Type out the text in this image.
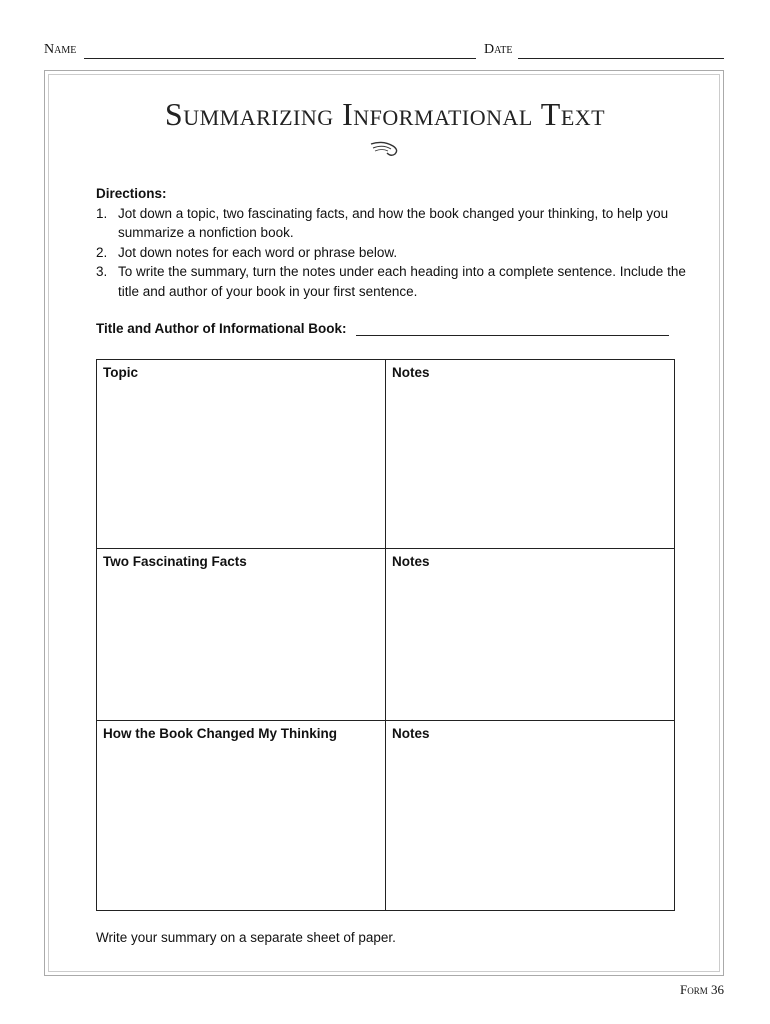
Name	Date
Summarizing Informational Text
Directions:
1. Jot down a topic, two fascinating facts, and how the book changed your thinking, to help you summarize a nonfiction book.
2. Jot down notes for each word or phrase below.
3. To write the summary, turn the notes under each heading into a complete sentence. Include the title and author of your book in your first sentence.
Title and Author of Informational Book:
Topic	Notes
Two Fascinating Facts	Notes
How the Book Changed My Thinking	Notes
Write your summary on a separate sheet of paper.
Form 36
